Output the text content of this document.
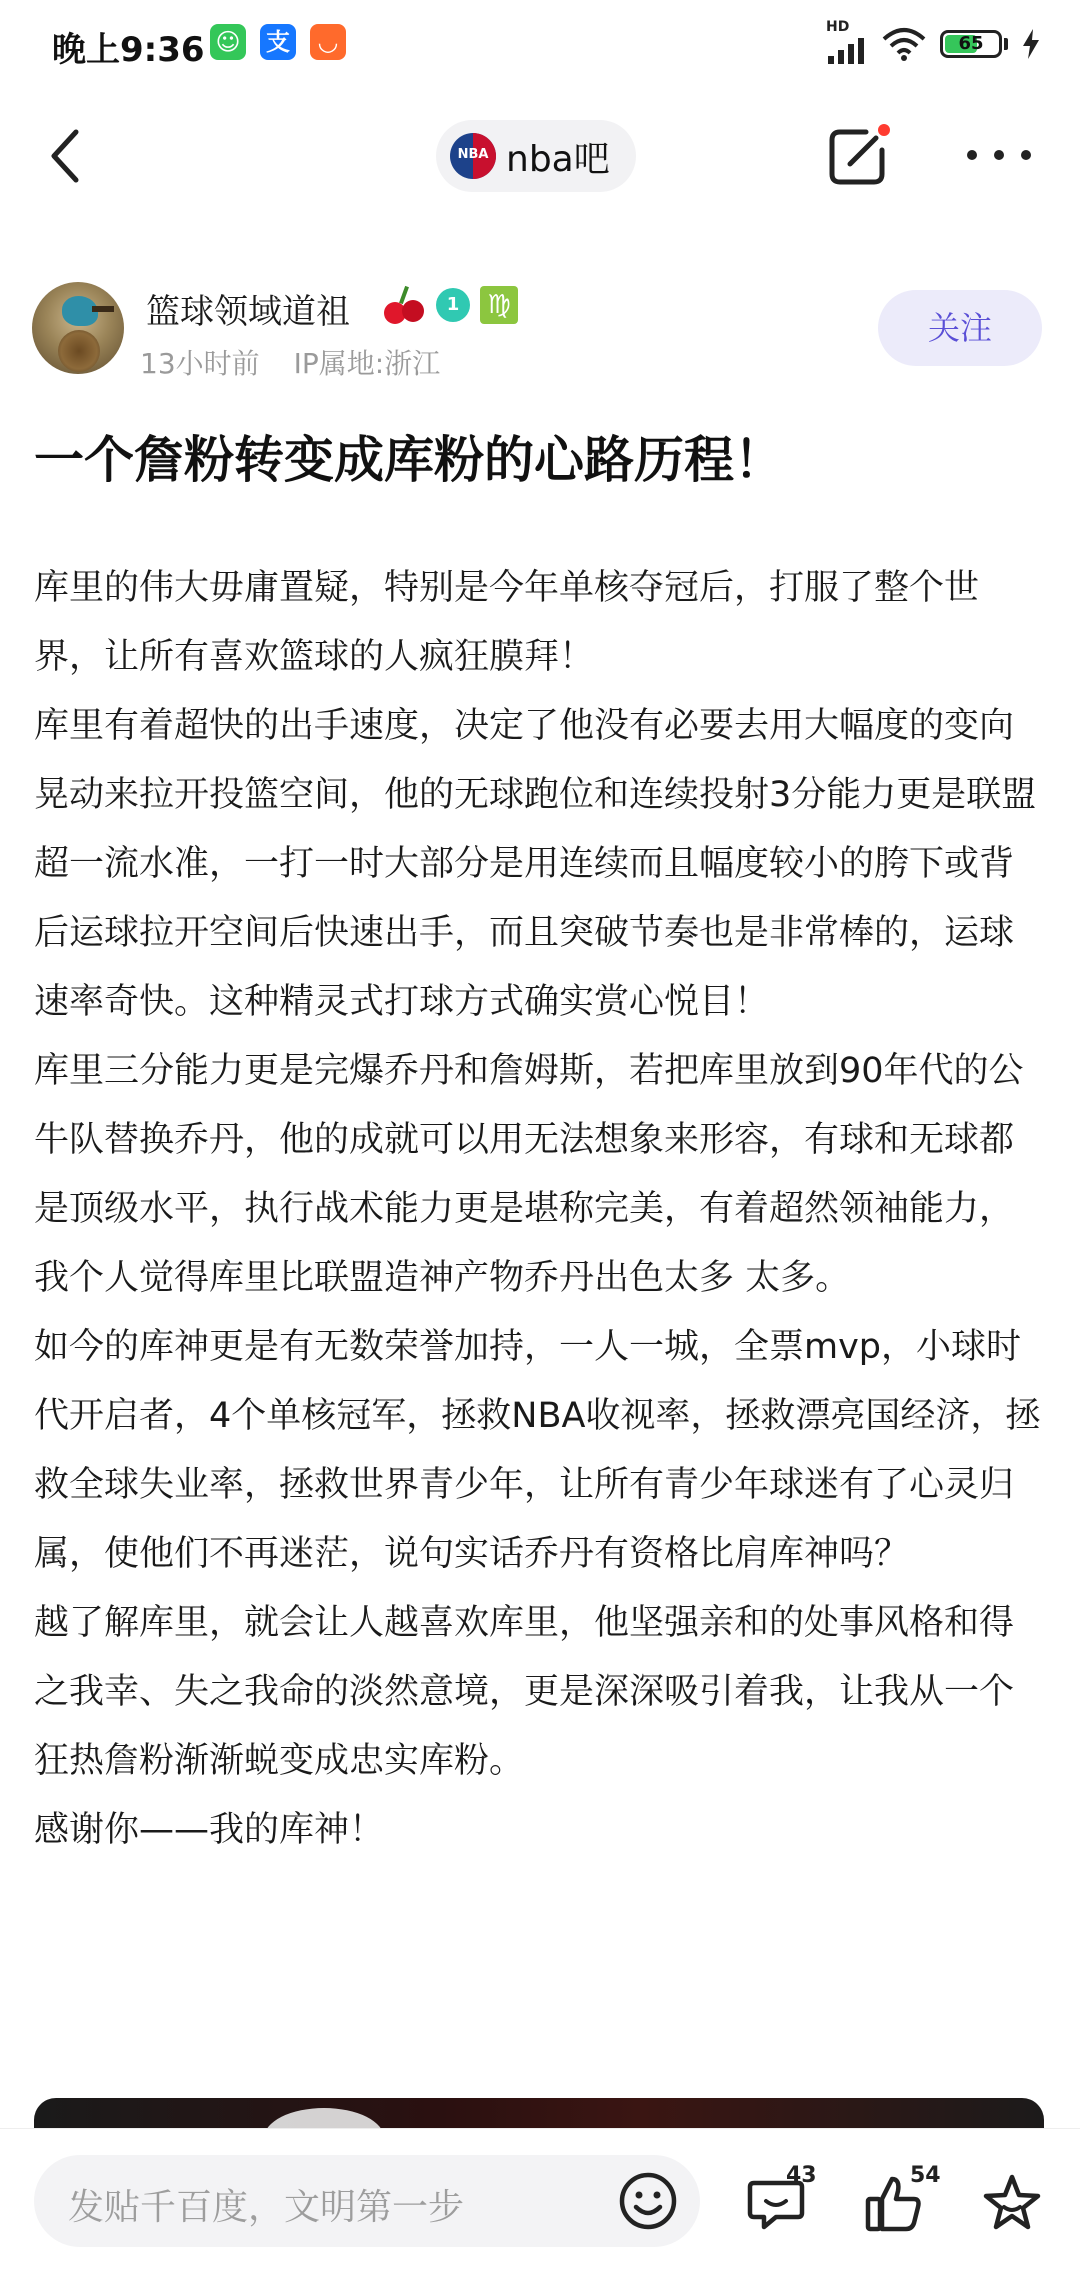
晚上9:36 ☺ 支	◡
HD
65
NBA nba吧
篮球领域道祖	1	♍
13小时前 IP属地:浙江
关注
一个詹粉转变成库粉的心路历程！

库里的伟大毋庸置疑，特别是今年单核夺冠后，打服了整个世界，让所有喜欢篮球的人疯狂膜拜！

库里有着超快的出手速度，决定了他没有必要去用大幅度的变向晃动来拉开投篮空间，他的无球跑位和连续投射3分能力更是联盟超一流水准，一打一时大部分是用连续而且幅度较小的胯下或背后运球拉开空间后快速出手，而且突破节奏也是非常棒的，运球速率奇快。这种精灵式打球方式确实赏心悦目！

库里三分能力更是完爆乔丹和詹姆斯，若把库里放到90年代的公牛队替换乔丹，他的成就可以用无法想象来形容，有球和无球都是顶级水平，执行战术能力更是堪称完美，有着超然领袖能力，我个人觉得库里比联盟造神产物乔丹出色太多 太多。

如今的库神更是有无数荣誉加持，一人一城，全票mvp，小球时代开启者，4个单核冠军，拯救NBA收视率，拯救漂亮国经济，拯救全球失业率，拯救世界青少年，让所有青少年球迷有了心灵归属，使他们不再迷茫，说句实话乔丹有资格比肩库神吗？

越了解库里，就会让人越喜欢库里，他坚强亲和的处事风格和得之我幸、失之我命的淡然意境，更是深深吸引着我，让我从一个狂热詹粉渐渐蜕变成忠实库粉。

感谢你——我的库神！

发贴千百度，文明第一步
43	54
